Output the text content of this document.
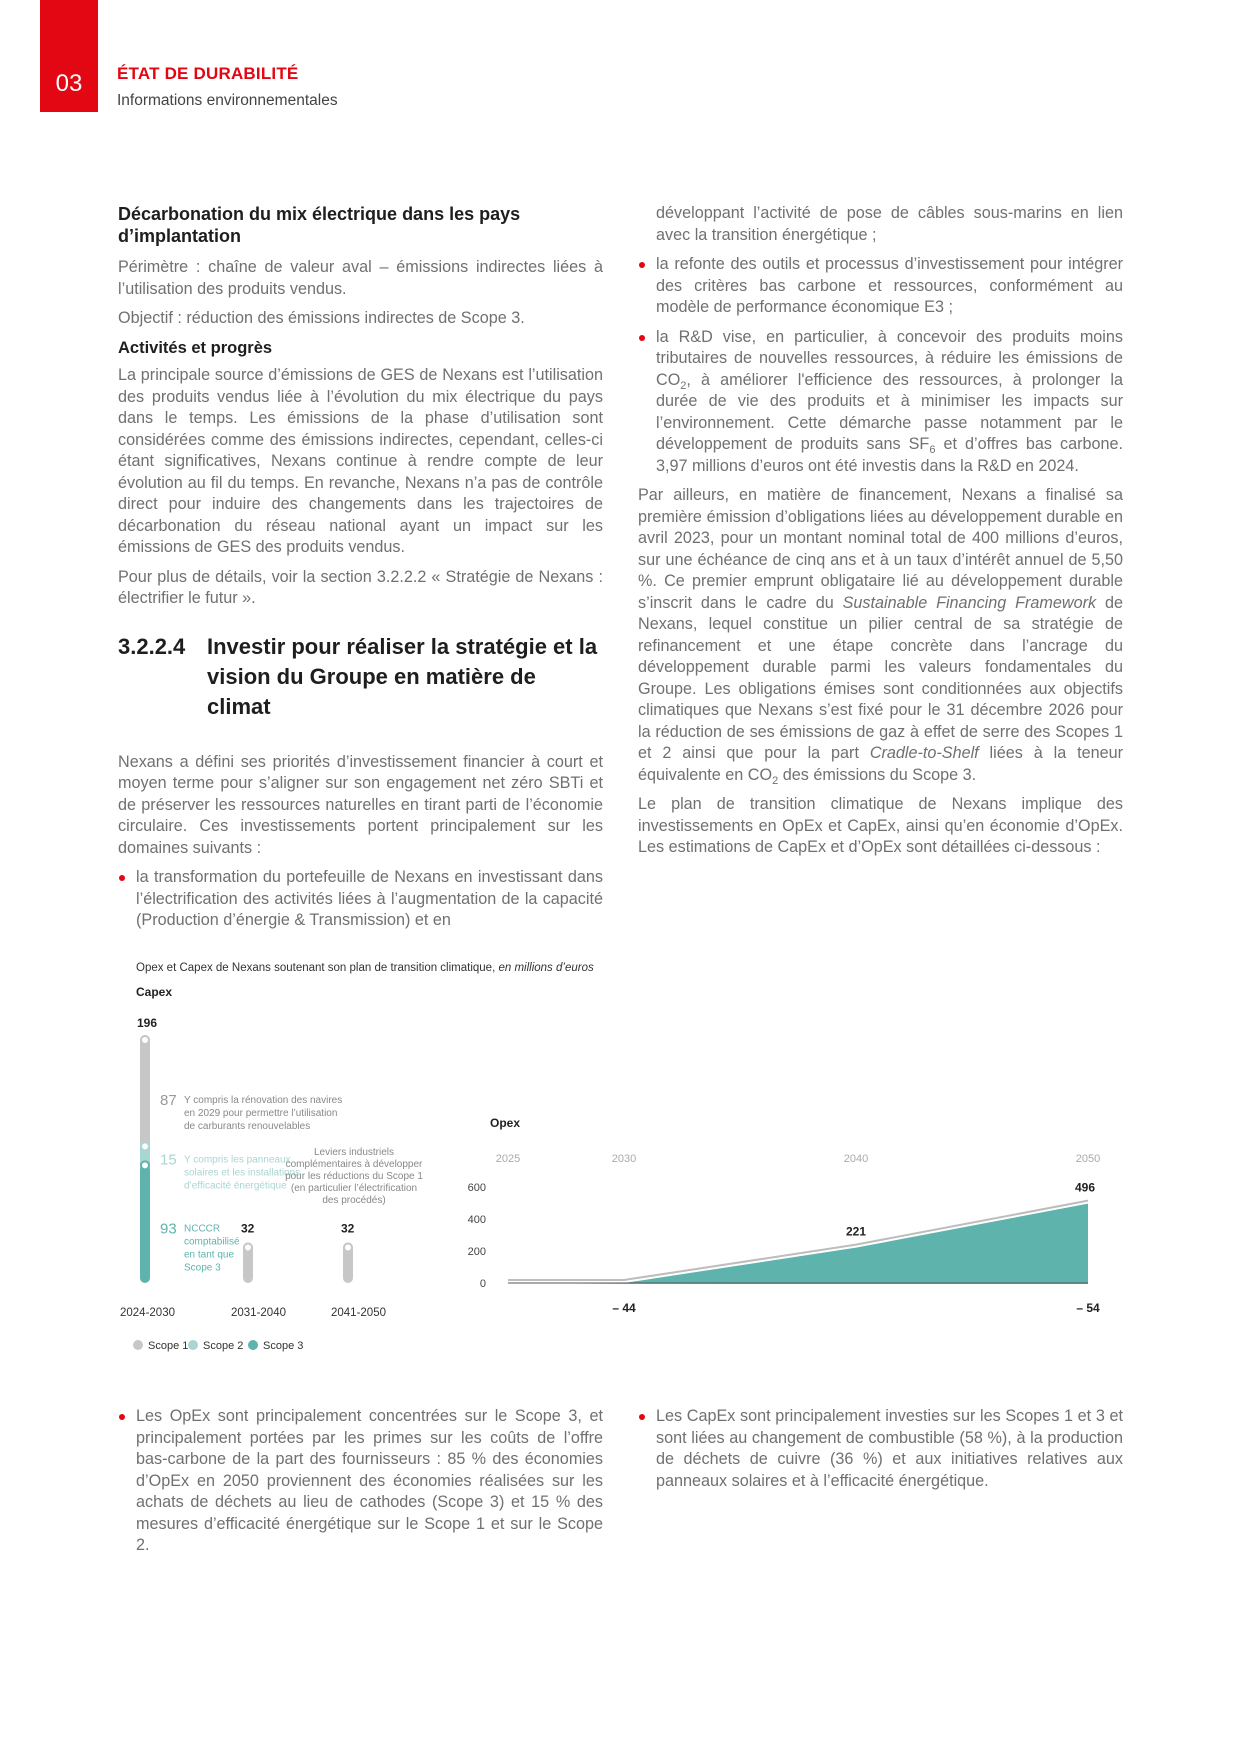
03	ÉTAT DE DURABILITÉ
Informations environnementales
Décarbonation du mix électrique dans les pays d’implantation

Périmètre : chaîne de valeur aval – émissions indirectes liées à l’utilisation des produits vendus.

Objectif : réduction des émissions indirectes de Scope 3.

Activités et progrès

La principale source d’émissions de GES de Nexans est l’utilisation des produits vendus liée à l’évolution du mix électrique du pays dans le temps. Les émissions de la phase d’utilisation sont considérées comme des émissions indirectes, cependant, celles-ci étant significatives, Nexans continue à rendre compte de leur évolution au fil du temps. En revanche, Nexans n’a pas de contrôle direct pour induire des changements dans les trajectoires de décarbonation du réseau national ayant un impact sur les émissions de GES des produits vendus.

Pour plus de détails, voir la section 3.2.2.2 « Stratégie de Nexans : électrifier le futur ».

3.2.2.4 Investir pour réaliser la stratégie et la vision du Groupe en matière de climat

Nexans a défini ses priorités d’investissement financier à court et moyen terme pour s’aligner sur son engagement net zéro SBTi et de préserver les ressources naturelles en tirant parti de l’économie circulaire. Ces investissements portent principalement sur les domaines suivants :

la transformation du portefeuille de Nexans en investissant dans l’électrification des activités liées à l’augmentation de la capacité (Production d’énergie & Transmission) et en
développant l’activité de pose de câbles sous-marins en lien avec la transition énergétique ;
la refonte des outils et processus d’investissement pour intégrer des critères bas carbone et ressources, conformément au modèle de performance économique E3 ;
la R&D vise, en particulier, à concevoir des produits moins tributaires de nouvelles ressources, à réduire les émissions de $CO_2$, à améliorer l'efficience des ressources, à prolonger la durée de vie des produits et à minimiser les impacts sur l’environnement. Cette démarche passe notamment par le développement de produits sans $SF_6$ et d’offres bas carbone. 3,97 millions d’euros ont été investis dans la R&D en 2024.

Par ailleurs, en matière de financement, Nexans a finalisé sa première émission d’obligations liées au développement durable en avril 2023, pour un montant nominal total de 400 millions d’euros, sur une échéance de cinq ans et à un taux d’intérêt annuel de 5,50 %. Ce premier emprunt obligataire lié au développement durable s’inscrit dans le cadre du Sustainable Financing Framework de Nexans, lequel constitue un pilier central de sa stratégie de refinancement et une étape concrète dans l’ancrage du développement durable parmi les valeurs fondamentales du Groupe. Les obligations émises sont conditionnées aux objectifs climatiques que Nexans s’est fixé pour le 31 décembre 2026 pour la réduction de ses émissions de gaz à effet de serre des Scopes 1 et 2 ainsi que pour la part Cradle-to-Shelf liées à la teneur équivalente en $CO_2$ des émissions du Scope 3.

Le plan de transition climatique de Nexans implique des investissements en OpEx et CapEx, ainsi qu’en économie d’OpEx. Les estimations de CapEx et d’OpEx sont détaillées ci-dessous :

Opex et Capex de Nexans soutenant son plan de transition climatique, en millions d’euros
Capex
Opex
196
87 Y compris la rénovation des navires
en 2029 pour permettre l’utilisation
de carburants renouvelables
15 Y compris les panneaux
solaires et les installations
d’efficacité énergétique
93 NCCCR
comptabilisé
en tant que
Scope 3
32	32
Leviers industriels
complémentaires à développer
pour les réductions du Scope 1
(en particulier l’électrification
des procédés)
2024-2030	2031-2040	2041-2050
600
400
200
0
2025	2030	2040	2050
221
496
– 44	– 54
Scope 1 Scope 2 Scope 3
Les OpEx sont principalement concentrées sur le Scope 3, et principalement portées par les primes sur les coûts de l’offre bas-carbone de la part des fournisseurs : 85 % des économies d’OpEx en 2050 proviennent des économies réalisées sur les achats de déchets au lieu de cathodes (Scope 3) et 15 % des mesures d’efficacité énergétique sur le Scope 1 et sur le Scope 2.
Les CapEx sont principalement investies sur les Scopes 1 et 3 et sont liées au changement de combustible (58 %), à la production de déchets de cuivre (36 %) et aux initiatives relatives aux panneaux solaires et à l’efficacité énergétique.
